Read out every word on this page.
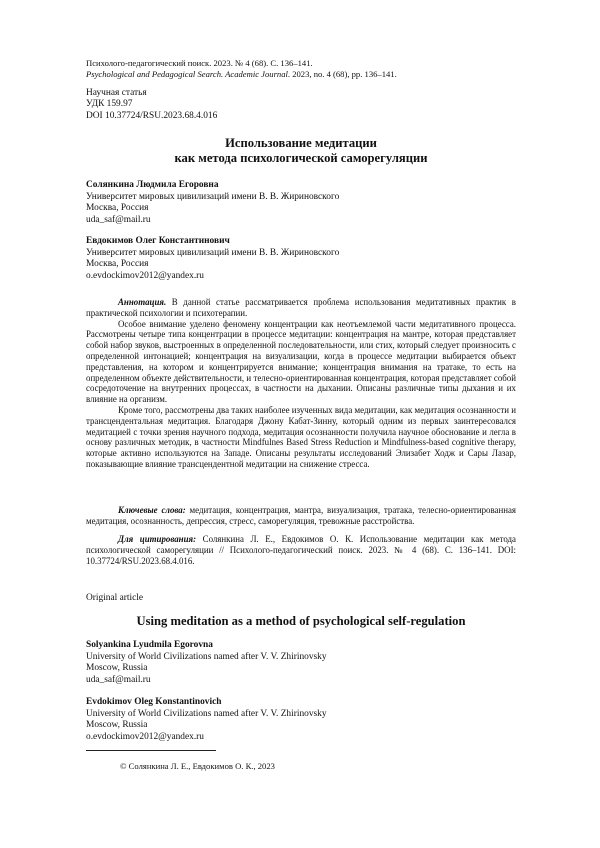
Психолого-педагогический поиск. 2023. № 4 (68). С. 136–141.
Psychological and Pedagogical Search. Academic Journal. 2023, no. 4 (68), pp. 136–141.
Научная статья
УДК 159.97
DOI 10.37724/RSU.2023.68.4.016
Использование медитации
как метода психологической саморегуляции
Солянкина Людмила Егоровна
Университет мировых цивилизаций имени В. В. Жириновского
Москва, Россия
uda_saf@mail.ru
Евдокимов Олег Константинович
Университет мировых цивилизаций имени В. В. Жириновского
Москва, Россия
o.evdockimov2012@yandex.ru

Аннотация. В данной статье рассматривается проблема использования медитативных практик в практической психологии и психотерапии.

Особое внимание уделено феномену концентрации как неотъемлемой части медитативного процесса. Рассмотрены четыре типа концентрации в процессе медитации: концентрация на мантре, которая представляет собой набор звуков, выстроенных в определенной последовательности, или стих, который следует произносить с определенной интонацией; концентрация на визуализации, когда в процессе медитации выбирается объект представления, на котором и концентрируется внимание; концентрация внимания на тратаке, то есть на определенном объекте действительности, и телесно-ориентированная концентрация, которая представляет собой сосредоточение на внутренних процессах, в частности на дыхании. Описаны различные типы дыхания и их влияние на организм.

Кроме того, рассмотрены два таких наиболее изученных вида медитации, как медитация осознанности и трансцендентальная медитация. Благодаря Джону Кабат-Зинну, который одним из первых заинтересовался медитацией с точки зрения научного подхода, медитация осознанности получила научное обоснование и легла в основу различных методик, в частности Mindfulnes Based Stress Reduction и Mindfulness-based cognitive therapy, которые активно используются на Западе. Описаны результаты исследований Элизабет Ходж и Сары Лазар, показывающие влияние трансцендентной медитации на снижение стресса.

Ключевые слова: медитация, концентрация, мантра, визуализация, тратака, телесно-ориентированная медитация, осознанность, депрессия, стресс, саморегуляция, тревожные расстройства.

Для цитирования: Солянкина Л. Е., Евдокимов О. К. Использование медитации как метода психологической саморегуляции // Психолого-педагогический поиск. 2023. № 4 (68). С. 136–141. DOI: 10.37724/RSU.2023.68.4.016.

Original article
Using meditation as a method of psychological self-regulation
Solyankina Lyudmila Egorovna
University of World Civilizations named after V. V. Zhirinovsky
Moscow, Russia
uda_saf@mail.ru
Evdokimov Oleg Konstantinovich
University of World Civilizations named after V. V. Zhirinovsky
Moscow, Russia
o.evdockimov2012@yandex.ru
© Солянкина Л. Е., Евдокимов О. К., 2023
